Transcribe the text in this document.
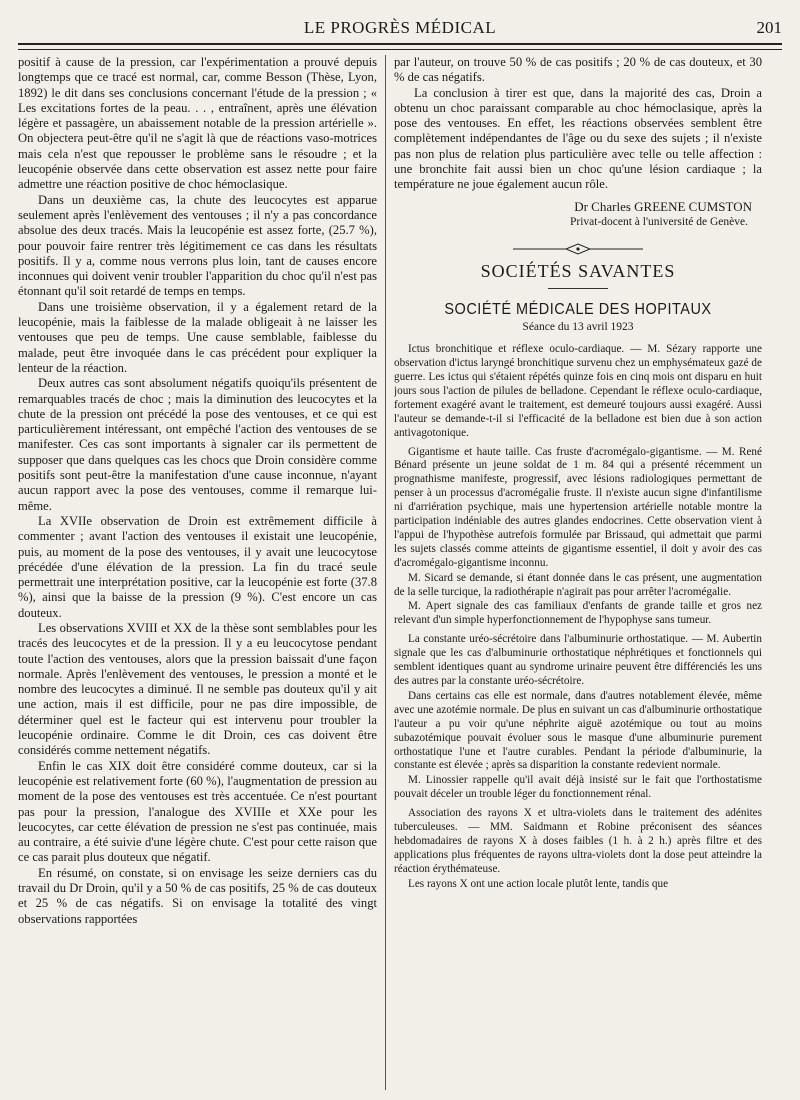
LE PROGRÈS MÉDICAL	201

positif à cause de la pression, car l'expérimentation a prouvé depuis longtemps que ce tracé est normal, car, comme Besson (Thèse, Lyon, 1892) le dit dans ses conclusions concernant l'étude de la pression ; « Les excitations fortes de la peau. . . , entraînent, après une élévation légère et passagère, un abaissement notable de la pression artérielle ». On objectera peut-être qu'il ne s'agit là que de réactions vaso-motrices mais cela n'est que repousser le problème sans le résoudre ; et la leucopénie observée dans cette observation est assez nette pour faire admettre une réaction positive de choc hémoclasique.

Dans un deuxième cas, la chute des leucocytes est apparue seulement après l'enlèvement des ventouses ; il n'y a pas concordance absolue des deux tracés. Mais la leucopénie est assez forte, (25.7 %), pour pouvoir faire rentrer très légitimement ce cas dans les résultats positifs. Il y a, comme nous verrons plus loin, tant de causes encore inconnues qui doivent venir troubler l'apparition du choc qu'il n'est pas étonnant qu'il soit retardé de temps en temps.

Dans une troisième observation, il y a également retard de la leucopénie, mais la faiblesse de la malade obligeait à ne laisser les ventouses que peu de temps. Une cause semblable, faiblesse du malade, peut être invoquée dans le cas précédent pour expliquer la lenteur de la réaction.

Deux autres cas sont absolument négatifs quoiqu'ils présentent de remarquables tracés de choc ; mais la diminution des leucocytes et la chute de la pression ont précédé la pose des ventouses, et ce qui est particulièrement intéressant, ont empêché l'action des ventouses de se manifester. Ces cas sont importants à signaler car ils permettent de supposer que dans quelques cas les chocs que Droin considère comme positifs sont peut-être la manifestation d'une cause inconnue, n'ayant aucun rapport avec la pose des ventouses, comme il remarque lui-même.

La XVIIe observation de Droin est extrêmement difficile à commenter ; avant l'action des ventouses il existait une leucopénie, puis, au moment de la pose des ventouses, il y avait une leucocytose précédée d'une élévation de la pression. La fin du tracé seule permettrait une interprétation positive, car la leucopénie est forte (37.8 %), ainsi que la baisse de la pression (9 %). C'est encore un cas douteux.

Les observations XVIII et XX de la thèse sont semblables pour les tracés des leucocytes et de la pression. Il y a eu leucocytose pendant toute l'action des ventouses, alors que la pression baissait d'une façon normale. Après l'enlèvement des ventouses, le pression a monté et le nombre des leucocytes a diminué. Il ne semble pas douteux qu'il y ait une action, mais il est difficile, pour ne pas dire impossible, de déterminer quel est le facteur qui est intervenu pour troubler la leucopénie ordinaire. Comme le dit Droin, ces cas doivent être considérés comme nettement négatifs.

Enfin le cas XIX doit être considéré comme douteux, car si la leucopénie est relativement forte (60 %), l'augmentation de pression au moment de la pose des ventouses est très accentuée. Ce n'est pourtant pas pour la pression, l'analogue des XVIIIe et XXe pour les leucocytes, car cette élévation de pression ne s'est pas continuée, mais au contraire, a été suivie d'une légère chute. C'est pour cette raison que ce cas parait plus douteux que négatif.

En résumé, on constate, si on envisage les seize derniers cas du travail du Dr Droin, qu'il y a 50 % de cas positifs, 25 % de cas douteux et 25 % de cas négatifs. Si on envisage la totalité des vingt observations rapportées

par l'auteur, on trouve 50 % de cas positifs ; 20 % de cas douteux, et 30 % de cas négatifs.

La conclusion à tirer est que, dans la majorité des cas, Droin a obtenu un choc paraissant comparable au choc hémoclasique, après la pose des ventouses. En effet, les réactions observées semblent être complètement indépendantes de l'âge ou du sexe des sujets ; il n'existe pas non plus de relation plus particulière avec telle ou telle affection : une bronchite fait aussi bien un choc qu'une lésion cardiaque ; la température ne joue également aucun rôle.

Dr Charles GREENE CUMSTON
Privat-docent à l'université de Genève.
SOCIÉTÉS SAVANTES
SOCIÉTÉ MÉDICALE DES HOPITAUX
Séance du 13 avril 1923

Ictus bronchitique et réflexe oculo-cardiaque. — M. Sézary rapporte une observation d'ictus laryngé bronchitique survenu chez un emphysémateux gazé de guerre. Les ictus qui s'étaient répétés quinze fois en cinq mois ont disparu en huit jours sous l'action de pilules de belladone. Cependant le réflexe oculo-cardiaque, fortement exagéré avant le traitement, est demeuré toujours aussi exagéré. Aussi l'auteur se demande-t-il si l'efficacité de la belladone est bien due à son action antivagotonique.

Gigantisme et haute taille. Cas fruste d'acromégalo-gigantisme. — M. René Bénard présente un jeune soldat de 1 m. 84 qui a présenté récemment un prognathisme manifeste, progressif, avec lésions radiologiques permettant de penser à un processus d'acromégalie fruste. Il n'existe aucun signe d'infantilisme ni d'arriération psychique, mais une hypertension artérielle notable montre la participation indéniable des autres glandes endocrines. Cette observation vient à l'appui de l'hypothèse autrefois formulée par Brissaud, qui admettait que parmi les sujets classés comme atteints de gigantisme essentiel, il doit y avoir des cas d'acromégalo-gigantisme inconnu.

M. Sicard se demande, si étant donnée dans le cas présent, une augmentation de la selle turcique, la radiothérapie n'agirait pas pour arrêter l'acromégalie.

M. Apert signale des cas familiaux d'enfants de grande taille et gros nez relevant d'un simple hyperfonctionnement de l'hypophyse sans tumeur.

La constante uréo-sécrétoire dans l'albuminurie orthostatique. — M. Aubertin signale que les cas d'albuminurie orthostatique néphrétiques et fonctionnels qui semblent identiques quant au syndrome urinaire peuvent être différenciés les uns des autres par la constante uréo-sécrétoire.

Dans certains cas elle est normale, dans d'autres notablement élevée, même avec une azotémie normale. De plus en suivant un cas d'albuminurie orthostatique l'auteur a pu voir qu'une néphrite aiguë azotémique ou tout au moins subazotémique pouvait évoluer sous le masque d'une albuminurie purement orthostatique l'une et l'autre curables. Pendant la période d'albuminurie, la constante est élevée ; après sa disparition la constante redevient normale.

M. Linossier rappelle qu'il avait déjà insisté sur le fait que l'orthostatisme pouvait déceler un trouble léger du fonctionnement rénal.

Association des rayons X et ultra-violets dans le traitement des adénites tuberculeuses. — MM. Saidmann et Robine préconisent des séances hebdomadaires de rayons X à doses faibles (1 h. à 2 h.) après filtre et des applications plus fréquentes de rayons ultra-violets dont la dose peut atteindre la réaction érythémateuse.

Les rayons X ont une action locale plutôt lente, tandis que
